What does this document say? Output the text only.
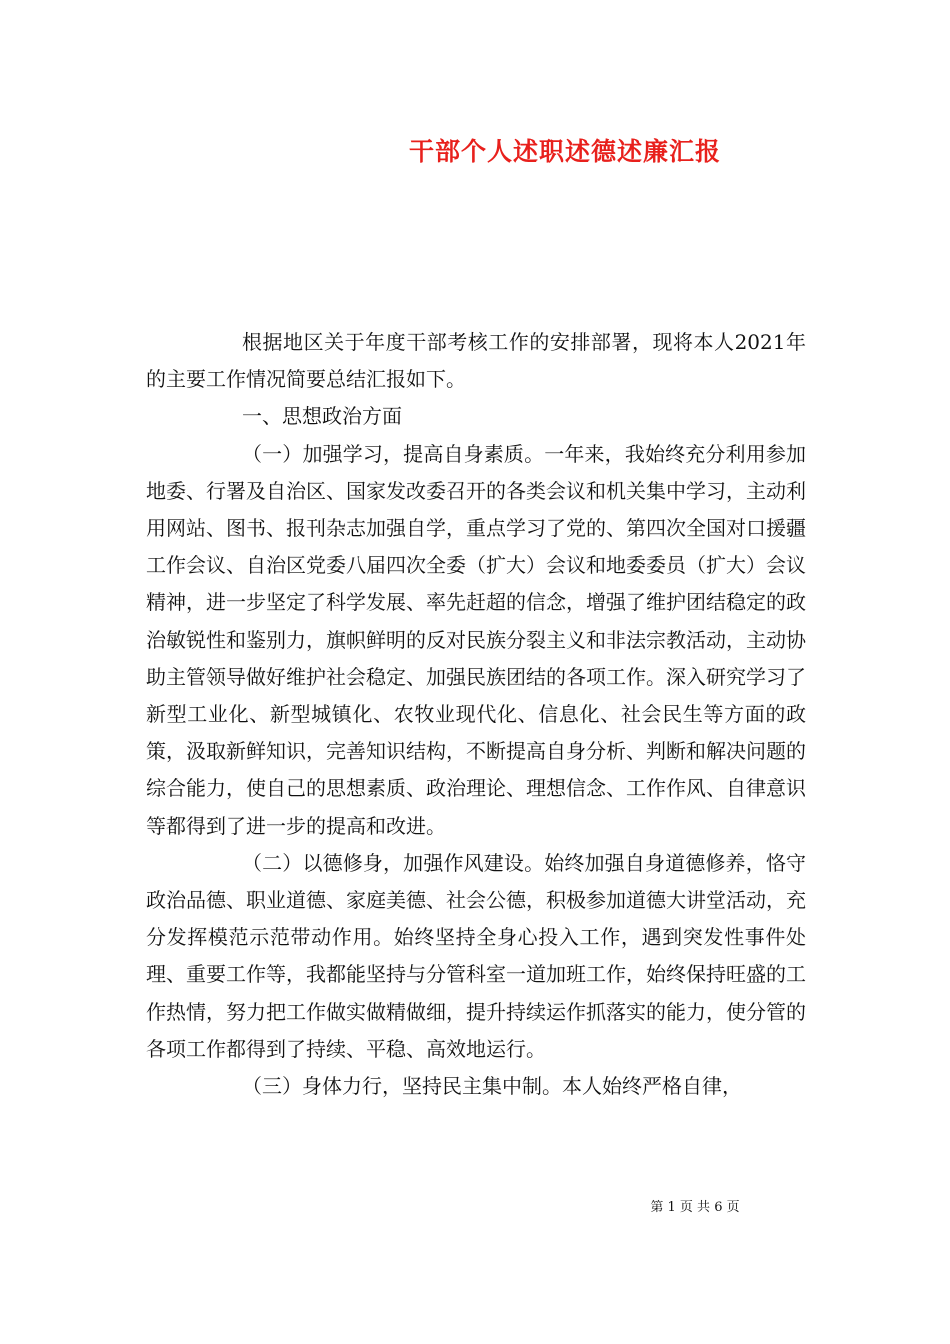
干部个人述职述德述廉汇报

根据地区关于年度干部考核工作的安排部署，现将本人2021年的主要工作情况简要总结汇报如下。

一、思想政治方面

（一）加强学习，提高自身素质。一年来，我始终充分利用参加地委、行署及自治区、国家发改委召开的各类会议和机关集中学习，主动利用网站、图书、报刊杂志加强自学，重点学习了党的、第四次全国对口援疆工作会议、自治区党委八届四次全委（扩大）会议和地委委员（扩大）会议精神，进一步坚定了科学发展、率先赶超的信念，增强了维护团结稳定的政治敏锐性和鉴别力，旗帜鲜明的反对民族分裂主义和非法宗教活动，主动协助主管领导做好维护社会稳定、加强民族团结的各项工作。深入研究学习了新型工业化、新型城镇化、农牧业现代化、信息化、社会民生等方面的政策，汲取新鲜知识，完善知识结构，不断提高自身分析、判断和解决问题的综合能力，使自己的思想素质、政治理论、理想信念、工作作风、自律意识等都得到了进一步的提高和改进。

（二）以德修身，加强作风建设。始终加强自身道德修养，恪守政治品德、职业道德、家庭美德、社会公德，积极参加道德大讲堂活动，充分发挥模范示范带动作用。始终坚持全身心投入工作，遇到突发性事件处理、重要工作等，我都能坚持与分管科室一道加班工作，始终保持旺盛的工作热情，努力把工作做实做精做细，提升持续运作抓落实的能力，使分管的各项工作都得到了持续、平稳、高效地运行。

（三）身体力行，坚持民主集中制。本人始终严格自律，

第 1 页 共 6 页
